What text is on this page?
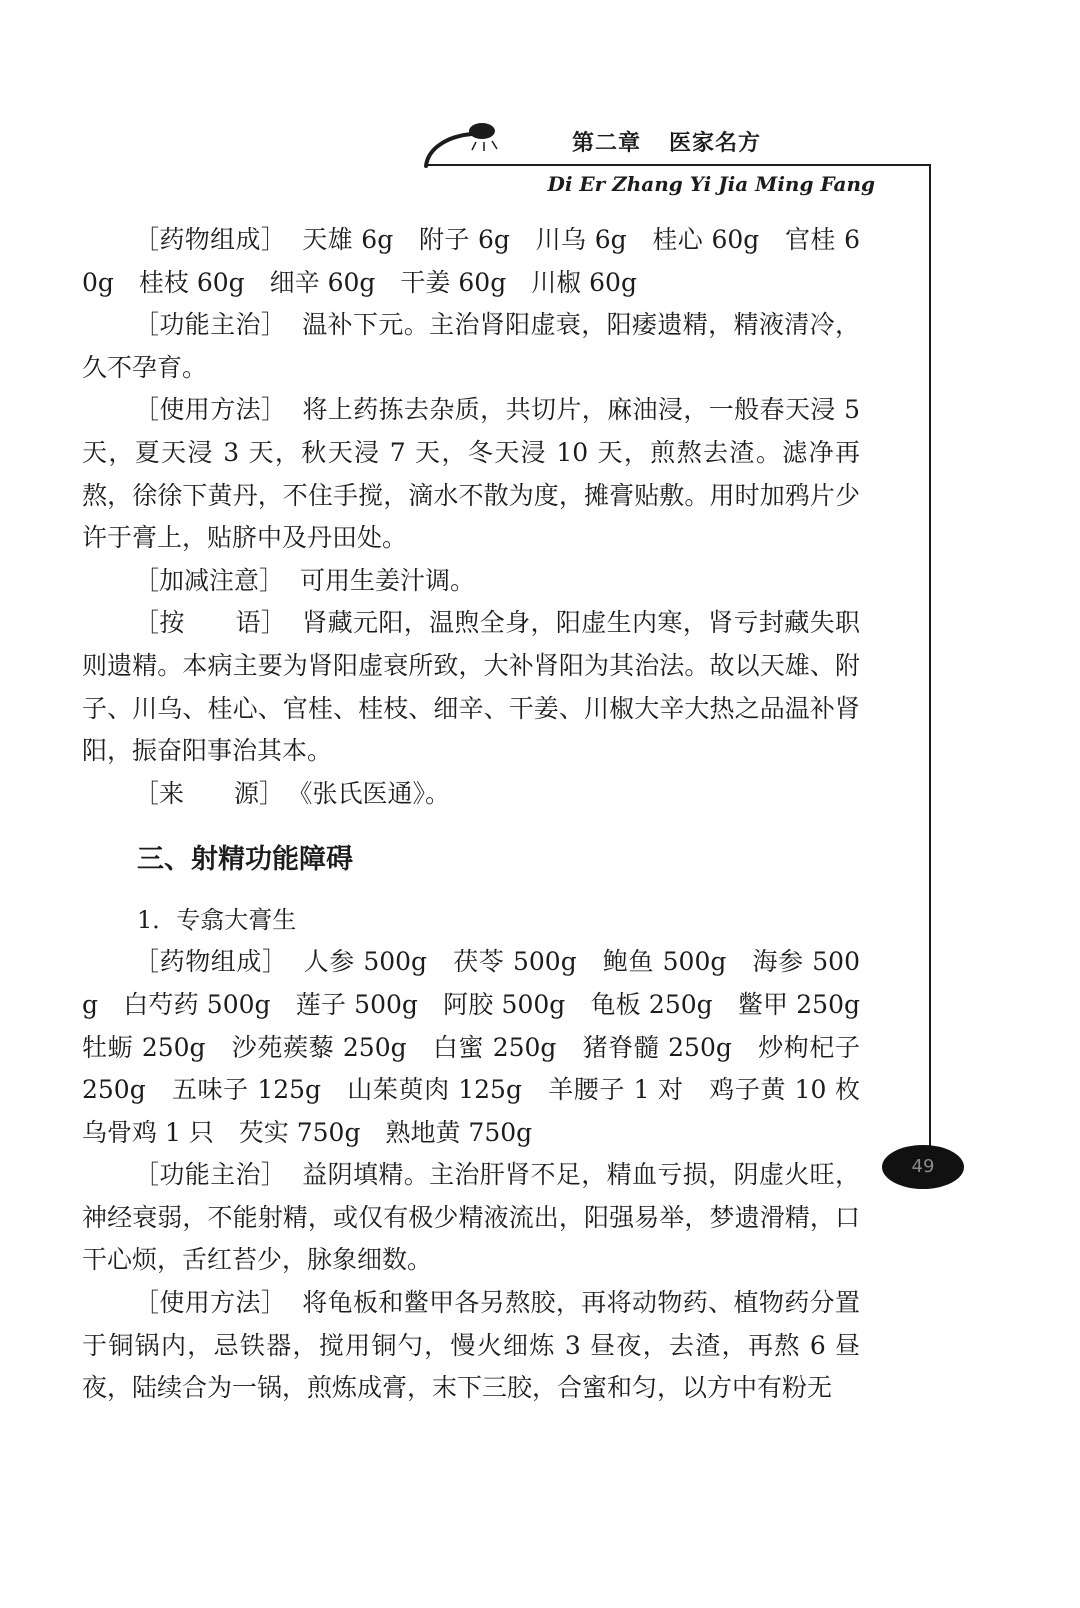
第二章 医家名方
Di Er Zhang Yi Jia Ming Fang
49

［药物组成］ 天雄 6g　附子 6g　川乌 6g　桂心 60g　官桂 60g　桂枝 60g　细辛 60g　干姜 60g　川椒 60g

［功能主治］ 温补下元。主治肾阳虚衰，阳痿遗精，精液清冷，久不孕育。

［使用方法］ 将上药拣去杂质，共切片，麻油浸，一般春天浸 5 天，夏天浸 3 天，秋天浸 7 天，冬天浸 10 天，煎熬去渣。滤净再熬，徐徐下黄丹，不住手搅，滴水不散为度，摊膏贴敷。用时加鸦片少许于膏上，贴脐中及丹田处。

［加减注意］ 可用生姜汁调。

［按　　语］ 肾藏元阳，温煦全身，阳虚生内寒，肾亏封藏失职则遗精。本病主要为肾阳虚衰所致，大补肾阳为其治法。故以天雄、附子、川乌、桂心、官桂、桂枝、细辛、干姜、川椒大辛大热之品温补肾阳，振奋阳事治其本。

［来　　源］ 《张氏医通》。

三、射精功能障碍

1．专翕大膏生

［药物组成］ 人参 500g　茯苓 500g　鲍鱼 500g　海参 500g　白芍药 500g　莲子 500g　阿胶 500g　龟板 250g　鳖甲 250g　牡蛎 250g　沙苑蒺藜 250g　白蜜 250g　猪脊髓 250g　炒枸杞子 250g　五味子 125g　山茱萸肉 125g　羊腰子 1 对　鸡子黄 10 枚　乌骨鸡 1 只　芡实 750g　熟地黄 750g

［功能主治］ 益阴填精。主治肝肾不足，精血亏损，阴虚火旺，神经衰弱，不能射精，或仅有极少精液流出，阳强易举，梦遗滑精，口干心烦，舌红苔少，脉象细数。

［使用方法］ 将龟板和鳖甲各另熬胶，再将动物药、植物药分置于铜锅内，忌铁器，搅用铜勺，慢火细炼 3 昼夜，去渣，再熬 6 昼夜，陆续合为一锅，煎炼成膏，末下三胶，合蜜和匀，以方中有粉无
